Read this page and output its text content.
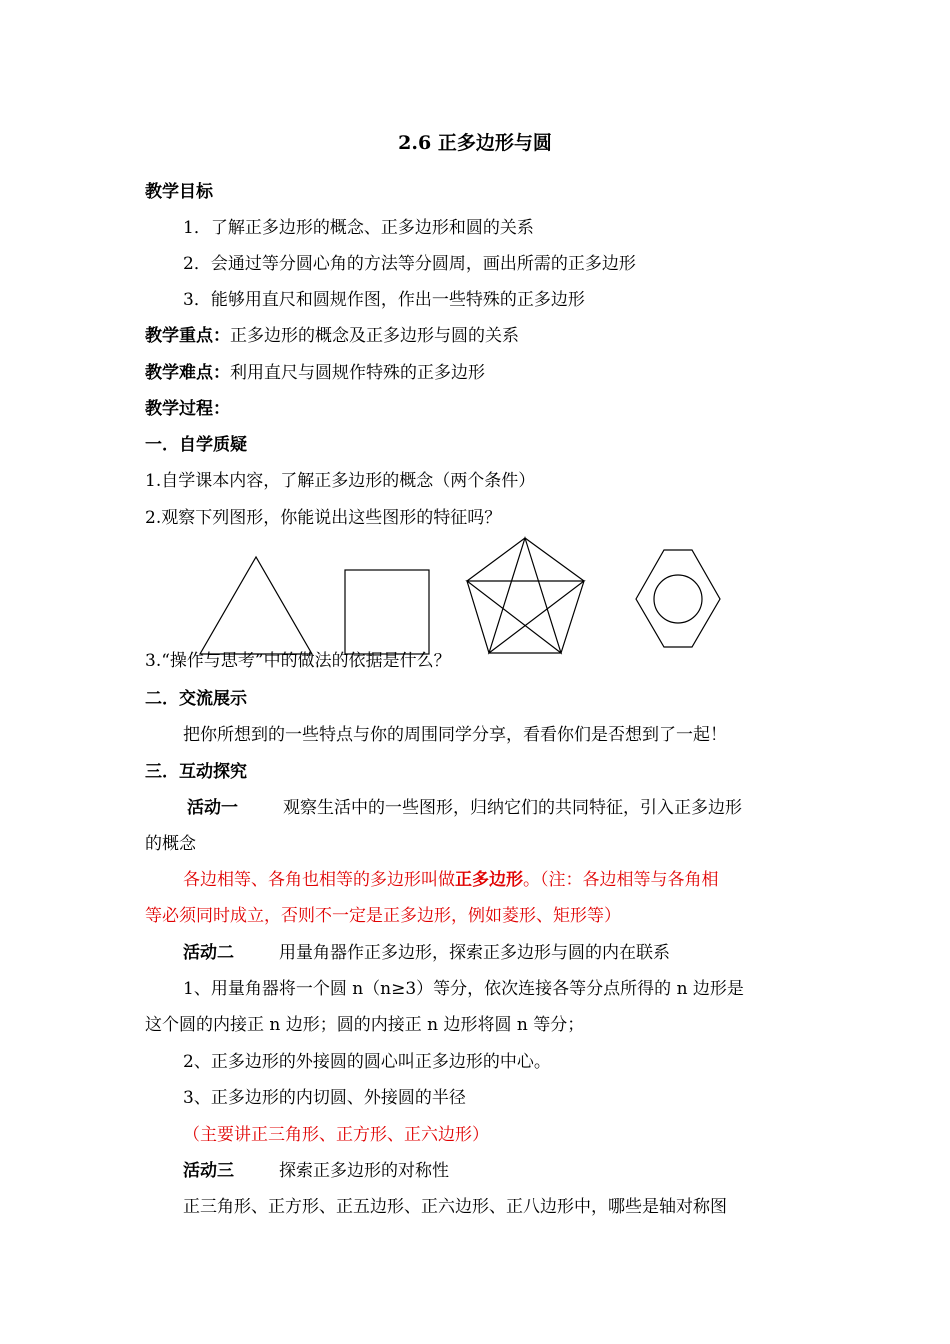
2.6 正多边形与圆
教学目标
1．了解正多边形的概念、正多边形和圆的关系
2．会通过等分圆心角的方法等分圆周，画出所需的正多边形
3．能够用直尺和圆规作图，作出一些特殊的正多边形
教学重点：正多边形的概念及正多边形与圆的关系
教学难点：利用直尺与圆规作特殊的正多边形
教学过程：
一．自学质疑
1.自学课本内容，了解正多边形的概念（两个条件）
2.观察下列图形，你能说出这些图形的特征吗？
3.“操作与思考”中的做法的依据是什么？
二．交流展示
把你所想到的一些特点与你的周围同学分享，看看你们是否想到了一起！
三．互动探究
活动一	观察生活中的一些图形，归纳它们的共同特征，引入正多边形
的概念
各边相等、各角也相等的多边形叫做正多边形。（注：各边相等与各角相
等必须同时成立，否则不一定是正多边形，例如菱形、矩形等）
活动二	用量角器作正多边形，探索正多边形与圆的内在联系
1、用量角器将一个圆 n（n≥3）等分，依次连接各等分点所得的 n 边形是
这个圆的内接正 n 边形；圆的内接正 n 边形将圆 n 等分；
2、正多边形的外接圆的圆心叫正多边形的中心。
3、正多边形的内切圆、外接圆的半径
（主要讲正三角形、正方形、正六边形）
活动三	探索正多边形的对称性
正三角形、正方形、正五边形、正六边形、正八边形中，哪些是轴对称图
